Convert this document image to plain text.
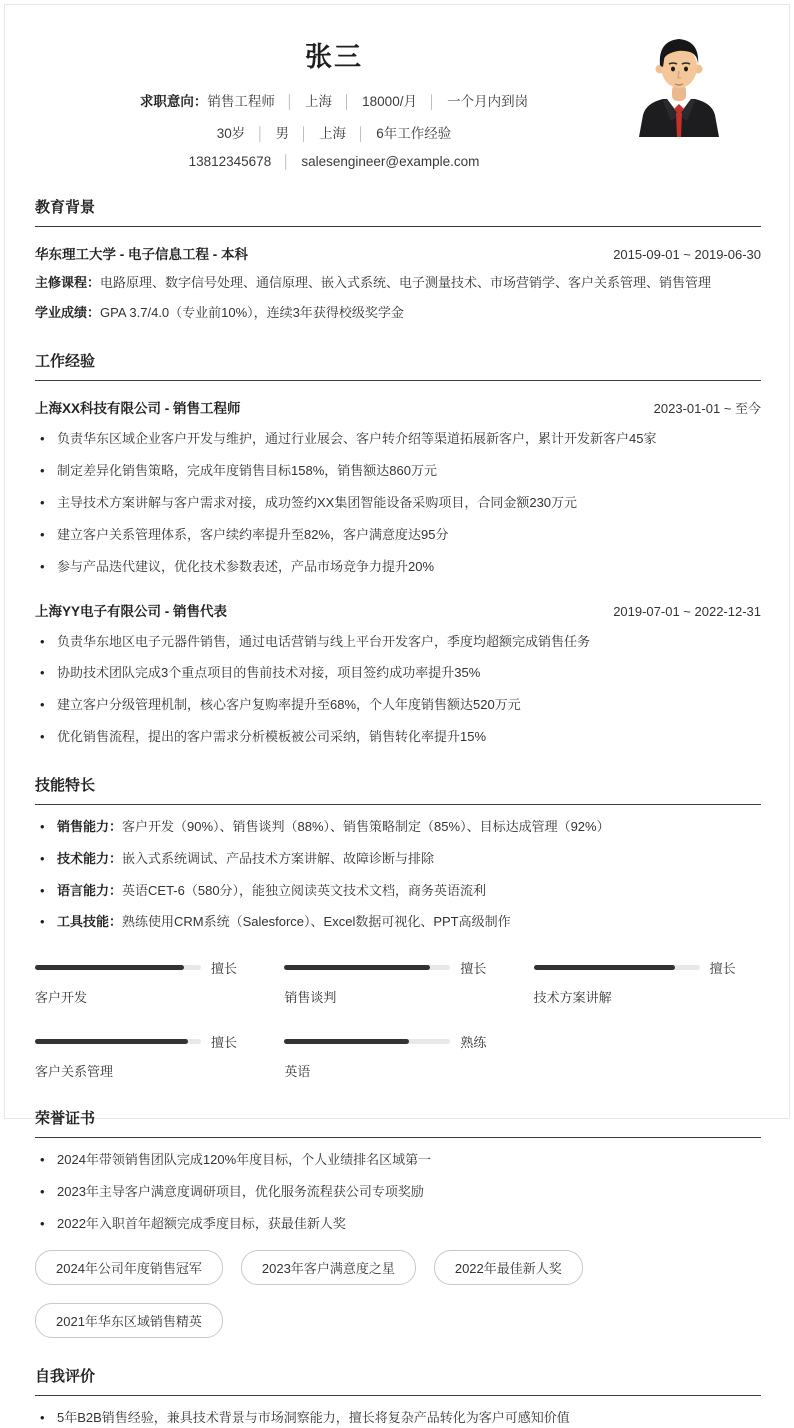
张三
求职意向：销售工程师 │ 上海 │ 18000/月 │ 一个月内到岗
30岁 │ 男 │ 上海 │ 6年工作经验
13812345678 │ salesengineer@example.com
教育背景
华东理工大学 - 电子信息工程 - 本科	2015-09-01 ~ 2019-06-30
主修课程：电路原理、数字信号处理、通信原理、嵌入式系统、电子测量技术、市场营销学、客户关系管理、销售管理
学业成绩：GPA 3.7/4.0（专业前10%），连续3年获得校级奖学金
工作经验
上海XX科技有限公司 - 销售工程师	2023-01-01 ~ 至今
• 负责华东区域企业客户开发与维护，通过行业展会、客户转介绍等渠道拓展新客户，累计开发新客户45家
• 制定差异化销售策略，完成年度销售目标158%，销售额达860万元
• 主导技术方案讲解与客户需求对接，成功签约XX集团智能设备采购项目，合同金额230万元
• 建立客户关系管理体系，客户续约率提升至82%，客户满意度达95分
• 参与产品迭代建议，优化技术参数表述，产品市场竞争力提升20%
上海YY电子有限公司 - 销售代表	2019-07-01 ~ 2022-12-31
• 负责华东地区电子元器件销售，通过电话营销与线上平台开发客户，季度均超额完成销售任务
• 协助技术团队完成3个重点项目的售前技术对接，项目签约成功率提升35%
• 建立客户分级管理机制，核心客户复购率提升至68%，个人年度销售额达520万元
• 优化销售流程，提出的客户需求分析模板被公司采纳，销售转化率提升15%
技能特长
• 销售能力：客户开发（90%）、销售谈判（88%）、销售策略制定（85%）、目标达成管理（92%）
• 技术能力：嵌入式系统调试、产品技术方案讲解、故障诊断与排除
• 语言能力：英语CET-6（580分），能独立阅读英文技术文档，商务英语流利
• 工具技能：熟练使用CRM系统（Salesforce）、Excel数据可视化、PPT高级制作
擅长
客户开发
擅长
销售谈判
擅长
技术方案讲解
擅长
客户关系管理
熟练
英语
荣誉证书
• 2024年带领销售团队完成120%年度目标，个人业绩排名区域第一
• 2023年主导客户满意度调研项目，优化服务流程获公司专项奖励
• 2022年入职首年超额完成季度目标，获最佳新人奖
2024年公司年度销售冠军	2023年客户满意度之星	2022年最佳新人奖
2021年华东区域销售精英
自我评价
• 5年B2B销售经验，兼具技术背景与市场洞察能力，擅长将复杂产品转化为客户可感知价值
